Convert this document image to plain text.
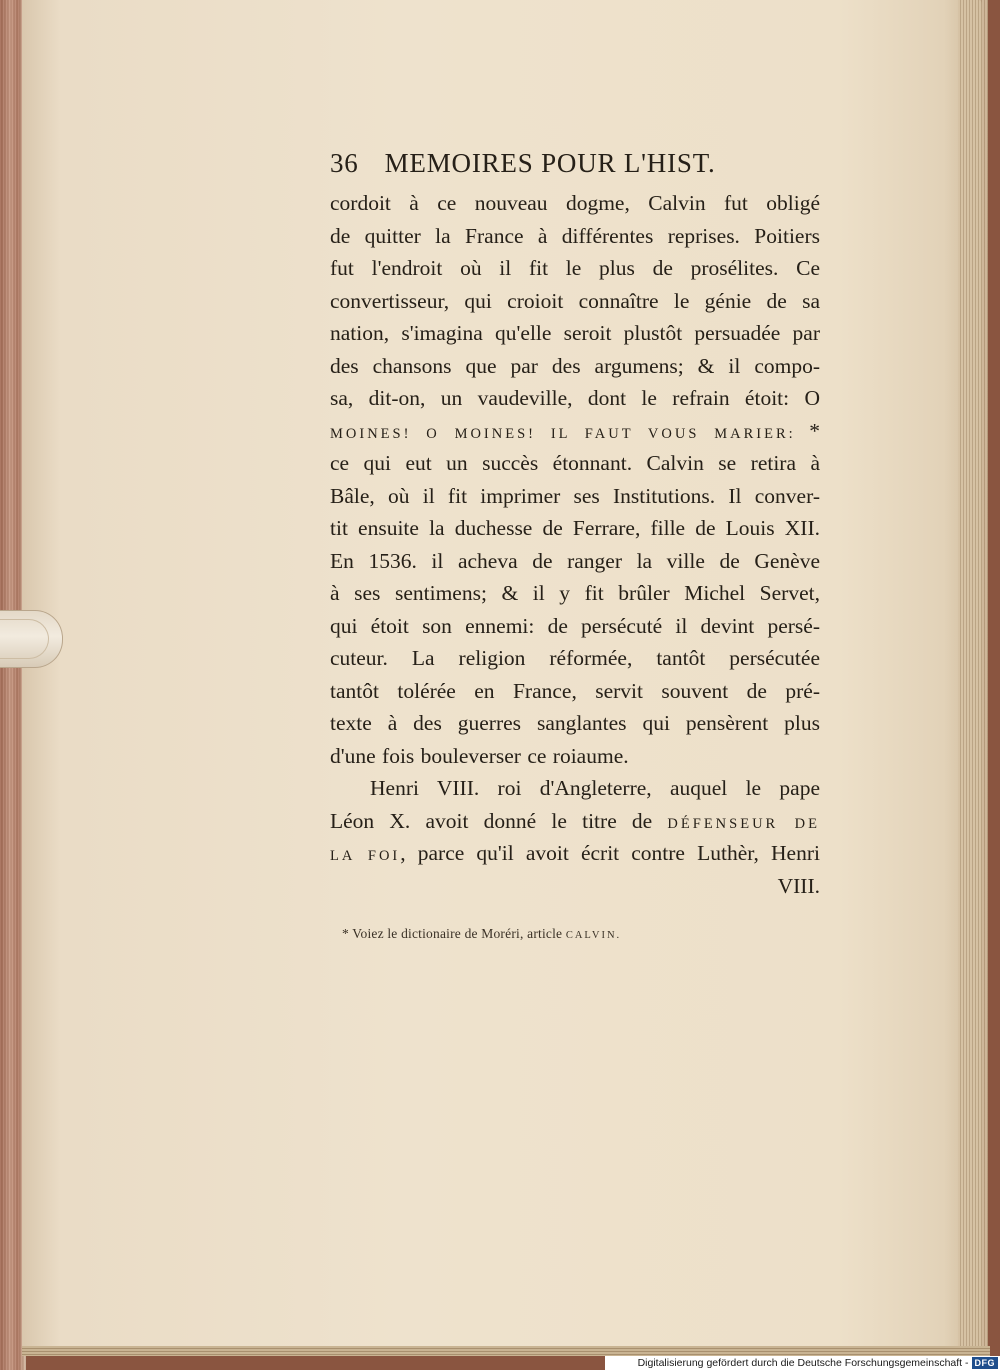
36 MEMOIRES POUR L'HIST.
cordoit à ce nouveau dogme, Calvin fut obligé
de quitter la France à différentes reprises. Poitiers
fut l'endroit où il fit le plus de prosélites. Ce
convertisseur, qui croioit connaître le génie de sa
nation, s'imagina qu'elle seroit plustôt persuadée par
des chansons que par des argumens; & il compo-
sa, dit-on, un vaudeville, dont le refrain étoit: O
MOINES! O MOINES! IL FAUT VOUS MARIER: *
ce qui eut un succès étonnant. Calvin se retira à
Bâle, où il fit imprimer ses Institutions. Il conver-
tit ensuite la duchesse de Ferrare, fille de Louis XII.
En 1536. il acheva de ranger la ville de Genève
à ses sentimens; & il y fit brûler Michel Servet,
qui étoit son ennemi: de persécuté il devint persé-
cuteur. La religion réformée, tantôt persécutée
tantôt tolérée en France, servit souvent de pré-
texte à des guerres sanglantes qui pensèrent plus
d'une fois bouleverser ce roiaume.
Henri VIII. roi d'Angleterre, auquel le pape
Léon X. avoit donné le titre de DÉFENSEUR DE
LA FOI, parce qu'il avoit écrit contre Luthèr, Henri
VIII.
* Voiez le dictionaire de Moréri, article CALVIN.
Digitalisierung gefördert durch die Deutsche Forschungsgemeinschaft - DFG
